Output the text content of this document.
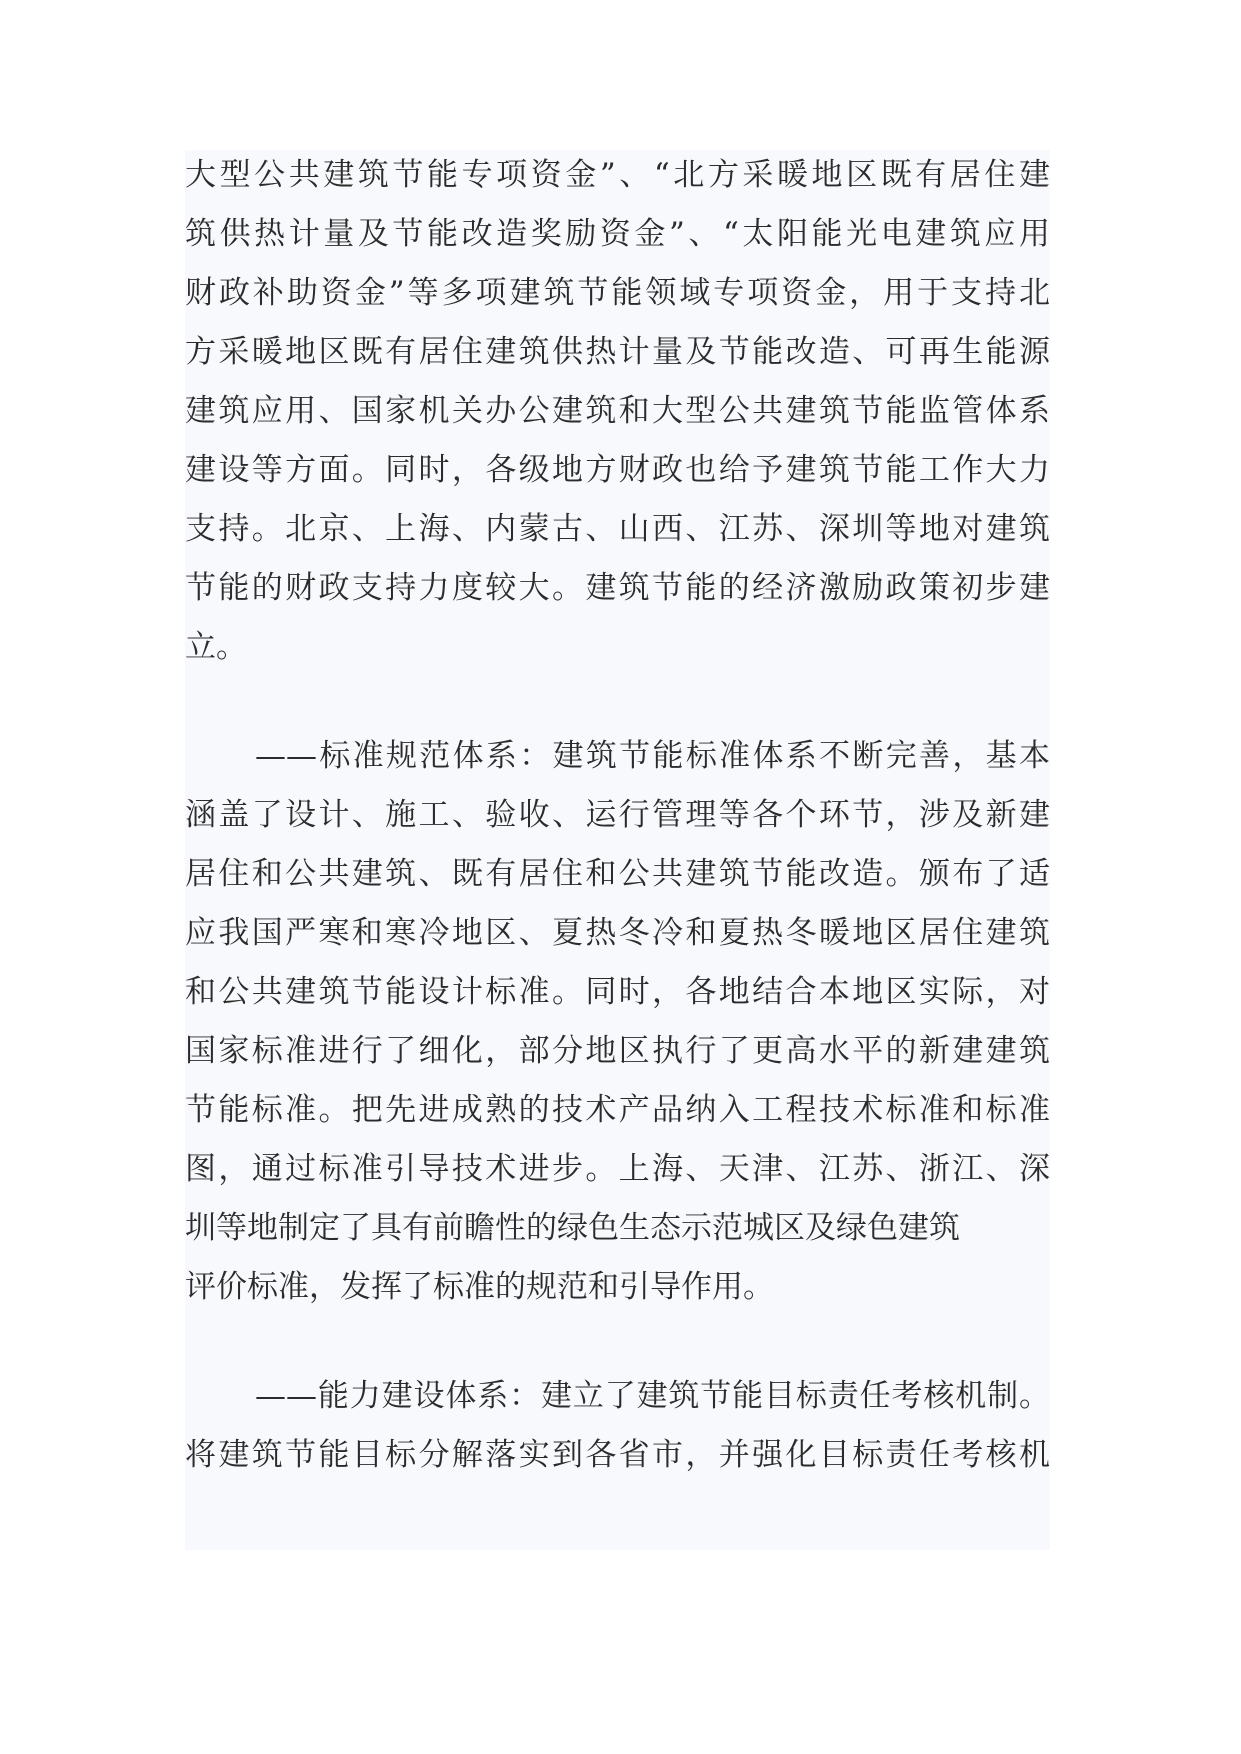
大型公共建筑节能专项资金”、“北方采暖地区既有居住建
筑供热计量及节能改造奖励资金”、“太阳能光电建筑应用
财政补助资金”等多项建筑节能领域专项资金，用于支持北
方采暖地区既有居住建筑供热计量及节能改造、可再生能源
建筑应用、国家机关办公建筑和大型公共建筑节能监管体系
建设等方面。同时，各级地方财政也给予建筑节能工作大力
支持。北京、上海、内蒙古、山西、江苏、深圳等地对建筑
节能的财政支持力度较大。建筑节能的经济激励政策初步建
立。
——标准规范体系：建筑节能标准体系不断完善，基本
涵盖了设计、施工、验收、运行管理等各个环节，涉及新建
居住和公共建筑、既有居住和公共建筑节能改造。颁布了适
应我国严寒和寒冷地区、夏热冬冷和夏热冬暖地区居住建筑
和公共建筑节能设计标准。同时，各地结合本地区实际，对
国家标准进行了细化，部分地区执行了更高水平的新建建筑
节能标准。把先进成熟的技术产品纳入工程技术标准和标准
图，通过标准引导技术进步。上海、天津、江苏、浙江、深
圳等地制定了具有前瞻性的绿色生态示范城区及绿色建筑
评价标准，发挥了标准的规范和引导作用。
——能力建设体系：建立了建筑节能目标责任考核机制。
将建筑节能目标分解落实到各省市，并强化目标责任考核机
